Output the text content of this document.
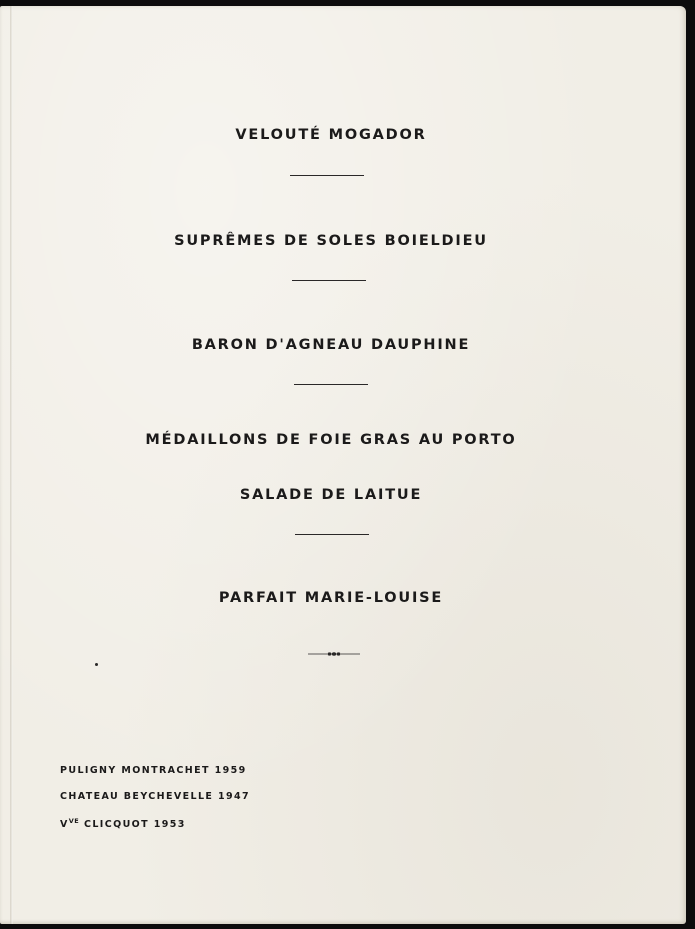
VELOUTÉ MOGADOR
SUPRÊMES DE SOLES BOIELDIEU
BARON D'AGNEAU DAUPHINE
MÉDAILLONS DE FOIE GRAS AU PORTO
SALADE DE LAITUE
PARFAIT MARIE-LOUISE
PULIGNY MONTRACHET 1959
CHATEAU BEYCHEVELLE 1947
$V^{VE}$ CLICQUOT 1953
